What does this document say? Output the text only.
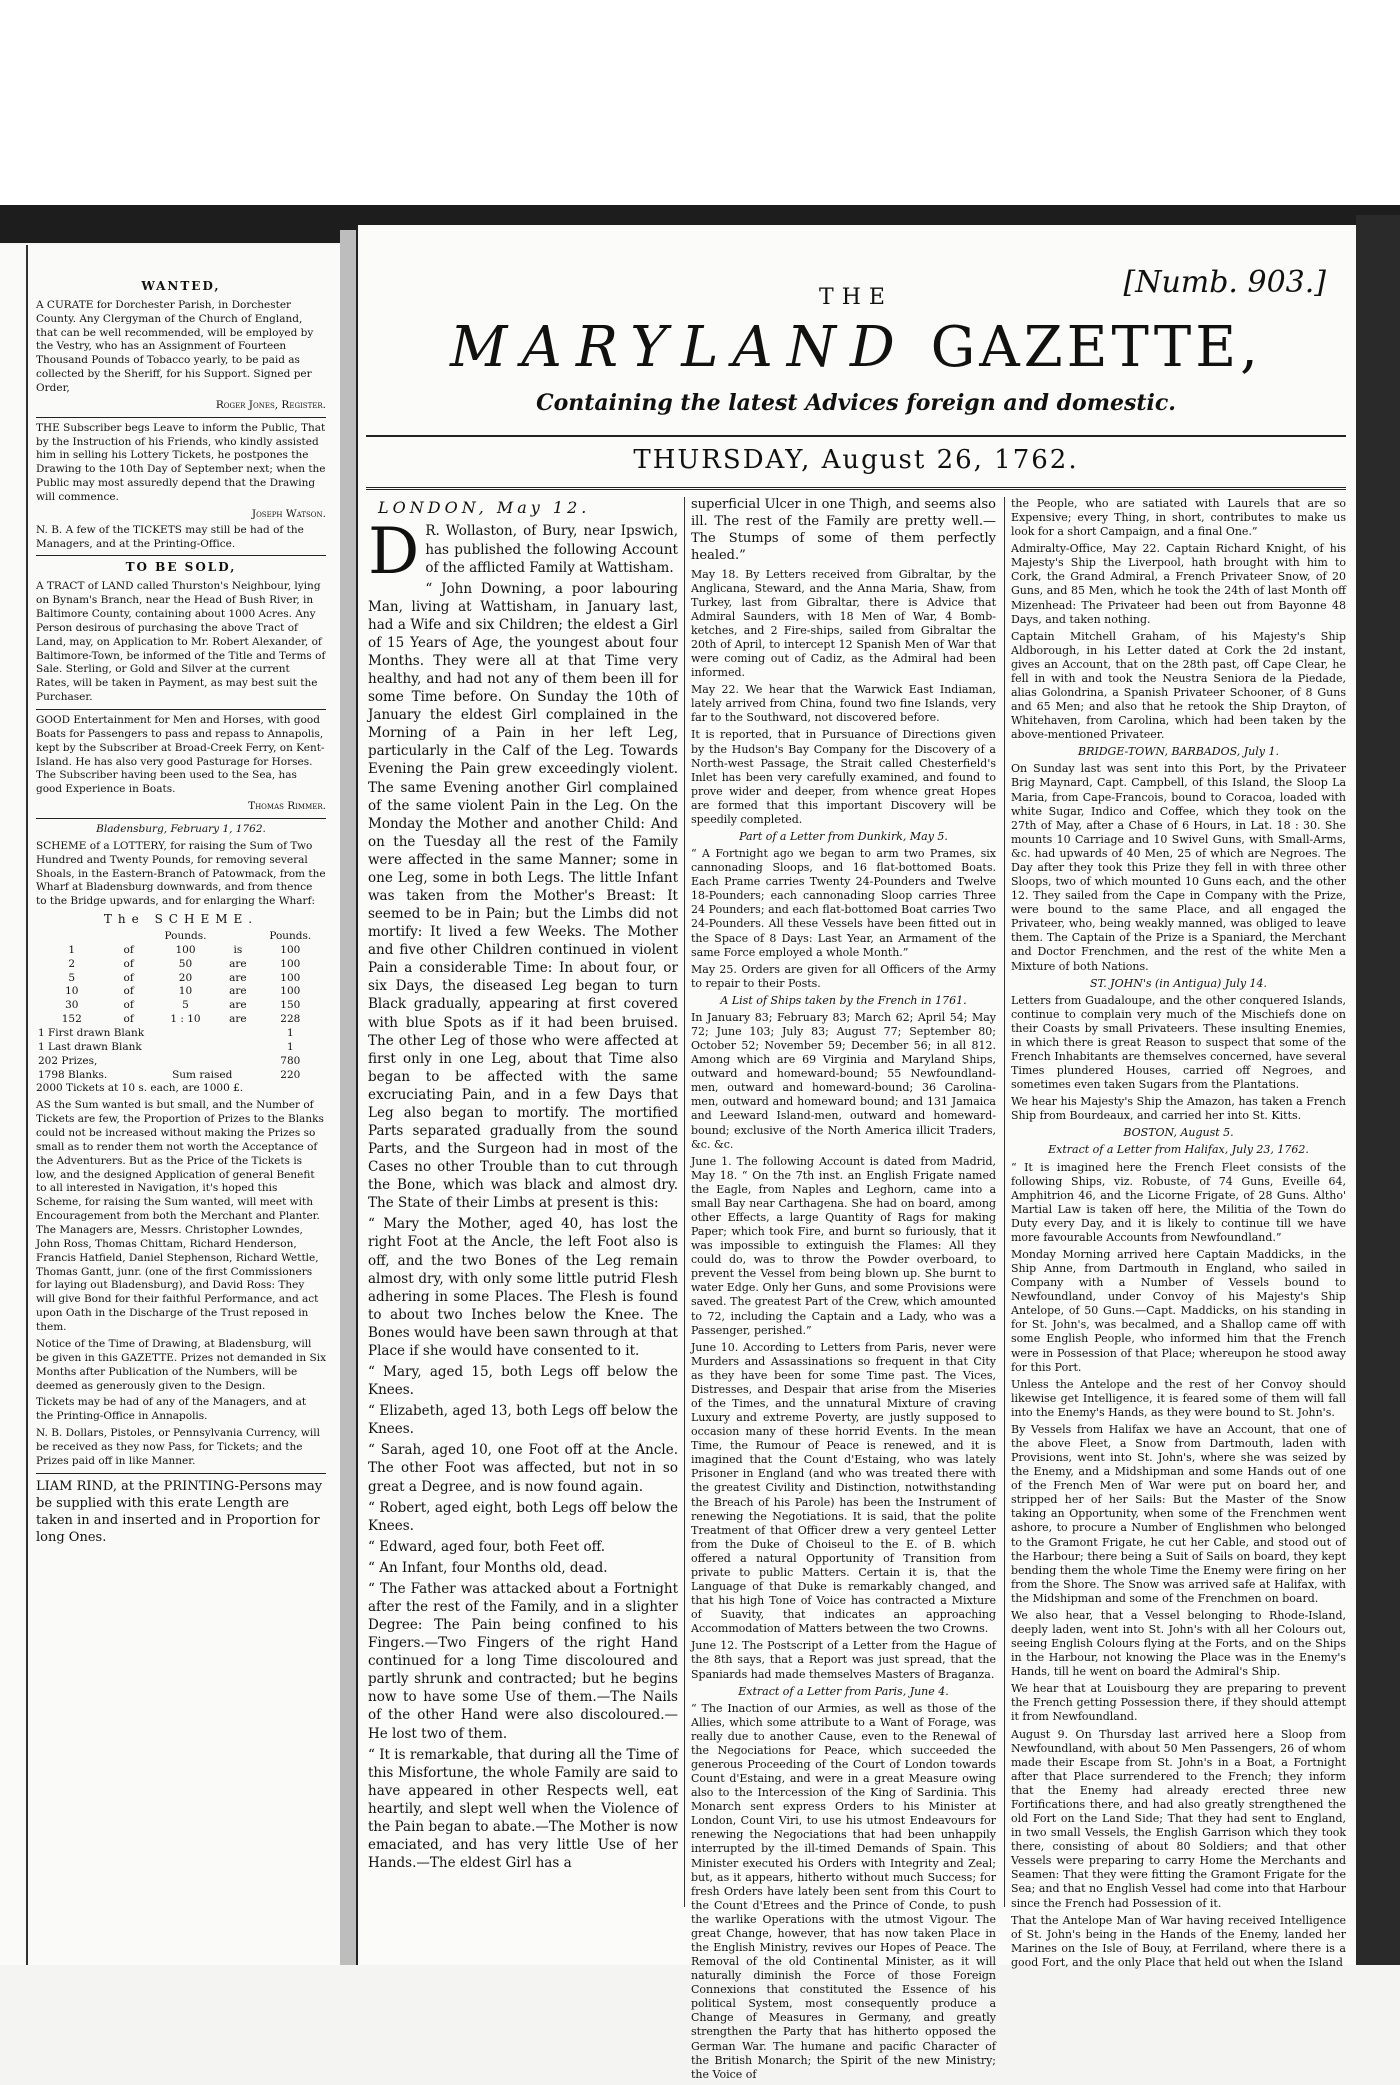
WANTED,

A CURATE for Dorchester Parish, in Dorchester County. Any Clergyman of the Church of England, that can be well recommended, will be employed by the Vestry, who has an Assignment of Fourteen Thousand Pounds of Tobacco yearly, to be paid as collected by the Sheriff, for his Support. Signed per Order,

Roger Jones, Register.

THE Subscriber begs Leave to inform the Public, That by the Instruction of his Friends, who kindly assisted him in selling his Lottery Tickets, he postpones the Drawing to the 10th Day of September next; when the Public may most assuredly depend that the Drawing will commence.

Joseph Watson.

N. B. A few of the TICKETS may still be had of the Managers, and at the Printing-Office.

TO BE SOLD,

A TRACT of LAND called Thurston's Neighbour, lying on Bynam's Branch, near the Head of Bush River, in Baltimore County, containing about 1000 Acres. Any Person desirous of purchasing the above Tract of Land, may, on Application to Mr. Robert Alexander, of Baltimore-Town, be informed of the Title and Terms of Sale. Sterling, or Gold and Silver at the current Rates, will be taken in Payment, as may best suit the Purchaser.

GOOD Entertainment for Men and Horses, with good Boats for Passengers to pass and repass to Annapolis, kept by the Subscriber at Broad-Creek Ferry, on Kent-Island. He has also very good Pasturage for Horses. The Subscriber having been used to the Sea, has good Experience in Boats.

Thomas Rimmer.
Bladensburg, February 1, 1762.

SCHEME of a LOTTERY, for raising the Sum of Two Hundred and Twenty Pounds, for removing several Shoals, in the Eastern-Branch of Patowmack, from the Wharf at Bladensburg downwards, and from thence to the Bridge upwards, and for enlarging the Wharf:

The SCHEME.
		Pounds.		Pounds.
1	of	100	is	100
2	of	50	are	100
5	of	20	are	100
10	of	10	are	100
30	of	5	are	150
152	of	1 : 10	are	228
1 First drawn Blank				1
1 Last drawn Blank				1
202 Prizes,				780
1798 Blanks.		Sum raised		220

2000 Tickets at 10 s. each, are 1000 £.

AS the Sum wanted is but small, and the Number of Tickets are few, the Proportion of Prizes to the Blanks could not be increased without making the Prizes so small as to render them not worth the Acceptance of the Adventurers. But as the Price of the Tickets is low, and the designed Application of general Benefit to all interested in Navigation, it's hoped this Scheme, for raising the Sum wanted, will meet with Encouragement from both the Merchant and Planter. The Managers are, Messrs. Christopher Lowndes, John Ross, Thomas Chittam, Richard Henderson, Francis Hatfield, Daniel Stephenson, Richard Wettle, Thomas Gantt, junr. (one of the first Commissioners for laying out Bladensburg), and David Ross: They will give Bond for their faithful Performance, and act upon Oath in the Discharge of the Trust reposed in them.

Notice of the Time of Drawing, at Bladensburg, will be given in this GAZETTE. Prizes not demanded in Six Months after Publication of the Numbers, will be deemed as generously given to the Design.

Tickets may be had of any of the Managers, and at the Printing-Office in Annapolis.

N. B. Dollars, Pistoles, or Pennsylvania Currency, will be received as they now Pass, for Tickets; and the Prizes paid off in like Manner.

LIAM RIND, at the PRINTING-Persons may be supplied with this erate Length are taken in and inserted and in Proportion for long Ones.

THE	[Numb. 903.]
MARYLAND GAZETTE,
Containing the latest Advices foreign and domestic.
THURSDAY, August 26, 1762.
LONDON, May 12.

D R. Wollaston, of Bury, near Ipswich, has published the following Account of the afflicted Family at Wattisham.

“ John Downing, a poor labouring Man, living at Wattisham, in January last, had a Wife and six Children; the eldest a Girl of 15 Years of Age, the youngest about four Months. They were all at that Time very healthy, and had not any of them been ill for some Time before. On Sunday the 10th of January the eldest Girl complained in the Morning of a Pain in her left Leg, particularly in the Calf of the Leg. Towards Evening the Pain grew exceedingly violent. The same Evening another Girl complained of the same violent Pain in the Leg. On the Monday the Mother and another Child: And on the Tuesday all the rest of the Family were affected in the same Manner; some in one Leg, some in both Legs. The little Infant was taken from the Mother's Breast: It seemed to be in Pain; but the Limbs did not mortify: It lived a few Weeks. The Mother and five other Children continued in violent Pain a considerable Time: In about four, or six Days, the diseased Leg began to turn Black gradually, appearing at first covered with blue Spots as if it had been bruised. The other Leg of those who were affected at first only in one Leg, about that Time also began to be affected with the same excruciating Pain, and in a few Days that Leg also began to mortify. The mortified Parts separated gradually from the sound Parts, and the Surgeon had in most of the Cases no other Trouble than to cut through the Bone, which was black and almost dry. The State of their Limbs at present is this:

“ Mary the Mother, aged 40, has lost the right Foot at the Ancle, the left Foot also is off, and the two Bones of the Leg remain almost dry, with only some little putrid Flesh adhering in some Places. The Flesh is found to about two Inches below the Knee. The Bones would have been sawn through at that Place if she would have consented to it.

“ Mary, aged 15, both Legs off below the Knees.

“ Elizabeth, aged 13, both Legs off below the Knees.

“ Sarah, aged 10, one Foot off at the Ancle. The other Foot was affected, but not in so great a Degree, and is now found again.

“ Robert, aged eight, both Legs off below the Knees.

“ Edward, aged four, both Feet off.

“ An Infant, four Months old, dead.

“ The Father was attacked about a Fortnight after the rest of the Family, and in a slighter Degree: The Pain being confined to his Fingers.—Two Fingers of the right Hand continued for a long Time discoloured and partly shrunk and contracted; but he begins now to have some Use of them.—The Nails of the other Hand were also discoloured.—He lost two of them.

“ It is remarkable, that during all the Time of this Misfortune, the whole Family are said to have appeared in other Respects well, eat heartily, and slept well when the Violence of the Pain began to abate.—The Mother is now emaciated, and has very little Use of her Hands.—The eldest Girl has a

superficial Ulcer in one Thigh, and seems also ill. The rest of the Family are pretty well.—The Stumps of some of them perfectly healed.”

May 18. By Letters received from Gibraltar, by the Anglicana, Steward, and the Anna Maria, Shaw, from Turkey, last from Gibraltar, there is Advice that Admiral Saunders, with 18 Men of War, 4 Bomb-ketches, and 2 Fire-ships, sailed from Gibraltar the 20th of April, to intercept 12 Spanish Men of War that were coming out of Cadiz, as the Admiral had been informed.

May 22. We hear that the Warwick East Indiaman, lately arrived from China, found two fine Islands, very far to the Southward, not discovered before.

It is reported, that in Pursuance of Directions given by the Hudson's Bay Company for the Discovery of a North-west Passage, the Strait called Chesterfield's Inlet has been very carefully examined, and found to prove wider and deeper, from whence great Hopes are formed that this important Discovery will be speedily completed.

Part of a Letter from Dunkirk, May 5.

“ A Fortnight ago we began to arm two Prames, six cannonading Sloops, and 16 flat-bottomed Boats. Each Prame carries Twenty 24-Pounders and Twelve 18-Pounders; each cannonading Sloop carries Three 24 Pounders; and each flat-bottomed Boat carries Two 24-Pounders. All these Vessels have been fitted out in the Space of 8 Days: Last Year, an Armament of the same Force employed a whole Month.”

May 25. Orders are given for all Officers of the Army to repair to their Posts.

A List of Ships taken by the French in 1761.

In January 83; February 83; March 62; April 54; May 72; June 103; July 83; August 77; September 80; October 52; November 59; December 56; in all 812. Among which are 69 Virginia and Maryland Ships, outward and homeward-bound; 55 Newfoundland-men, outward and homeward-bound; 36 Carolina-men, outward and homeward bound; and 131 Jamaica and Leeward Island-men, outward and homeward-bound; exclusive of the North America illicit Traders, &c. &c.

June 1. The following Account is dated from Madrid, May 18. “ On the 7th inst. an English Frigate named the Eagle, from Naples and Leghorn, came into a small Bay near Carthagena. She had on board, among other Effects, a large Quantity of Rags for making Paper; which took Fire, and burnt so furiously, that it was impossible to extinguish the Flames: All they could do, was to throw the Powder overboard, to prevent the Vessel from being blown up. She burnt to water Edge. Only her Guns, and some Provisions were saved. The greatest Part of the Crew, which amounted to 72, including the Captain and a Lady, who was a Passenger, perished.”

June 10. According to Letters from Paris, never were Murders and Assassinations so frequent in that City as they have been for some Time past. The Vices, Distresses, and Despair that arise from the Miseries of the Times, and the unnatural Mixture of craving Luxury and extreme Poverty, are justly supposed to occasion many of these horrid Events. In the mean Time, the Rumour of Peace is renewed, and it is imagined that the Count d'Estaing, who was lately Prisoner in England (and who was treated there with the greatest Civility and Distinction, notwithstanding the Breach of his Parole) has been the Instrument of renewing the Negotiations. It is said, that the polite Treatment of that Officer drew a very genteel Letter from the Duke of Choiseul to the E. of B. which offered a natural Opportunity of Transition from private to public Matters. Certain it is, that the Language of that Duke is remarkably changed, and that his high Tone of Voice has contracted a Mixture of Suavity, that indicates an approaching Accommodation of Matters between the two Crowns.

June 12. The Postscript of a Letter from the Hague of the 8th says, that a Report was just spread, that the Spaniards had made themselves Masters of Braganza.

Extract of a Letter from Paris, June 4.

“ The Inaction of our Armies, as well as those of the Allies, which some attribute to a Want of Forage, was really due to another Cause, even to the Renewal of the Negociations for Peace, which succeeded the generous Proceeding of the Court of London towards Count d'Estaing, and were in a great Measure owing also to the Intercession of the King of Sardinia. This Monarch sent express Orders to his Minister at London, Count Viri, to use his utmost Endeavours for renewing the Negociations that had been unhappily interrupted by the ill-timed Demands of Spain. This Minister executed his Orders with Integrity and Zeal; but, as it appears, hitherto without much Success; for fresh Orders have lately been sent from this Court to the Count d'Etrees and the Prince of Conde, to push the warlike Operations with the utmost Vigour. The great Change, however, that has now taken Place in the English Ministry, revives our Hopes of Peace. The Removal of the old Continental Minister, as it will naturally diminish the Force of those Foreign Connexions that constituted the Essence of his political System, most consequently produce a Change of Measures in Germany, and greatly strengthen the Party that has hitherto opposed the German War. The humane and pacific Character of the British Monarch; the Spirit of the new Ministry; the Voice of

the People, who are satiated with Laurels that are so Expensive; every Thing, in short, contributes to make us look for a short Campaign, and a final One.”

Admiralty-Office, May 22. Captain Richard Knight, of his Majesty's Ship the Liverpool, hath brought with him to Cork, the Grand Admiral, a French Privateer Snow, of 20 Guns, and 85 Men, which he took the 24th of last Month off Mizenhead: The Privateer had been out from Bayonne 48 Days, and taken nothing.

Captain Mitchell Graham, of his Majesty's Ship Aldborough, in his Letter dated at Cork the 2d instant, gives an Account, that on the 28th past, off Cape Clear, he fell in with and took the Neustra Seniora de la Piedade, alias Golondrina, a Spanish Privateer Schooner, of 8 Guns and 65 Men; and also that he retook the Ship Drayton, of Whitehaven, from Carolina, which had been taken by the above-mentioned Privateer.

BRIDGE-TOWN, BARBADOS, July 1.

On Sunday last was sent into this Port, by the Privateer Brig Maynard, Capt. Campbell, of this Island, the Sloop La Maria, from Cape-Francois, bound to Coracoa, loaded with white Sugar, Indico and Coffee, which they took on the 27th of May, after a Chase of 6 Hours, in Lat. 18 : 30. She mounts 10 Carriage and 10 Swivel Guns, with Small-Arms, &c. had upwards of 40 Men, 25 of which are Negroes. The Day after they took this Prize they fell in with three other Sloops, two of which mounted 10 Guns each, and the other 12. They sailed from the Cape in Company with the Prize, were bound to the same Place, and all engaged the Privateer, who, being weakly manned, was obliged to leave them. The Captain of the Prize is a Spaniard, the Merchant and Doctor Frenchmen, and the rest of the white Men a Mixture of both Nations.

ST. JOHN's (in Antigua) July 14.

Letters from Guadaloupe, and the other conquered Islands, continue to complain very much of the Mischiefs done on their Coasts by small Privateers. These insulting Enemies, in which there is great Reason to suspect that some of the French Inhabitants are themselves concerned, have several Times plundered Houses, carried off Negroes, and sometimes even taken Sugars from the Plantations.

We hear his Majesty's Ship the Amazon, has taken a French Ship from Bourdeaux, and carried her into St. Kitts.

BOSTON, August 5.
Extract of a Letter from Halifax, July 23, 1762.

“ It is imagined here the French Fleet consists of the following Ships, viz. Robuste, of 74 Guns, Eveille 64, Amphitrion 46, and the Licorne Frigate, of 28 Guns. Altho' Martial Law is taken off here, the Militia of the Town do Duty every Day, and it is likely to continue till we have more favourable Accounts from Newfoundland.”

Monday Morning arrived here Captain Maddicks, in the Ship Anne, from Dartmouth in England, who sailed in Company with a Number of Vessels bound to Newfoundland, under Convoy of his Majesty's Ship Antelope, of 50 Guns.—Capt. Maddicks, on his standing in for St. John's, was becalmed, and a Shallop came off with some English People, who informed him that the French were in Possession of that Place; whereupon he stood away for this Port.

Unless the Antelope and the rest of her Convoy should likewise get Intelligence, it is feared some of them will fall into the Enemy's Hands, as they were bound to St. John's.

By Vessels from Halifax we have an Account, that one of the above Fleet, a Snow from Dartmouth, laden with Provisions, went into St. John's, where she was seized by the Enemy, and a Midshipman and some Hands out of one of the French Men of War were put on board her, and stripped her of her Sails: But the Master of the Snow taking an Opportunity, when some of the Frenchmen went ashore, to procure a Number of Englishmen who belonged to the Gramont Frigate, he cut her Cable, and stood out of the Harbour; there being a Suit of Sails on board, they kept bending them the whole Time the Enemy were firing on her from the Shore. The Snow was arrived safe at Halifax, with the Midshipman and some of the Frenchmen on board.

We also hear, that a Vessel belonging to Rhode-Island, deeply laden, went into St. John's with all her Colours out, seeing English Colours flying at the Forts, and on the Ships in the Harbour, not knowing the Place was in the Enemy's Hands, till he went on board the Admiral's Ship.

We hear that at Louisbourg they are preparing to prevent the French getting Possession there, if they should attempt it from Newfoundland.

August 9. On Thursday last arrived here a Sloop from Newfoundland, with about 50 Men Passengers, 26 of whom made their Escape from St. John's in a Boat, a Fortnight after that Place surrendered to the French; they inform that the Enemy had already erected three new Fortifications there, and had also greatly strengthened the old Fort on the Land Side; That they had sent to England, in two small Vessels, the English Garrison which they took there, consisting of about 80 Soldiers; and that other Vessels were preparing to carry Home the Merchants and Seamen: That they were fitting the Gramont Frigate for the Sea; and that no English Vessel had come into that Harbour since the French had Possession of it.

That the Antelope Man of War having received Intelligence of St. John's being in the Hands of the Enemy, landed her Marines on the Isle of Bouy, at Ferriland, where there is a good Fort, and the only Place that held out when the Island
